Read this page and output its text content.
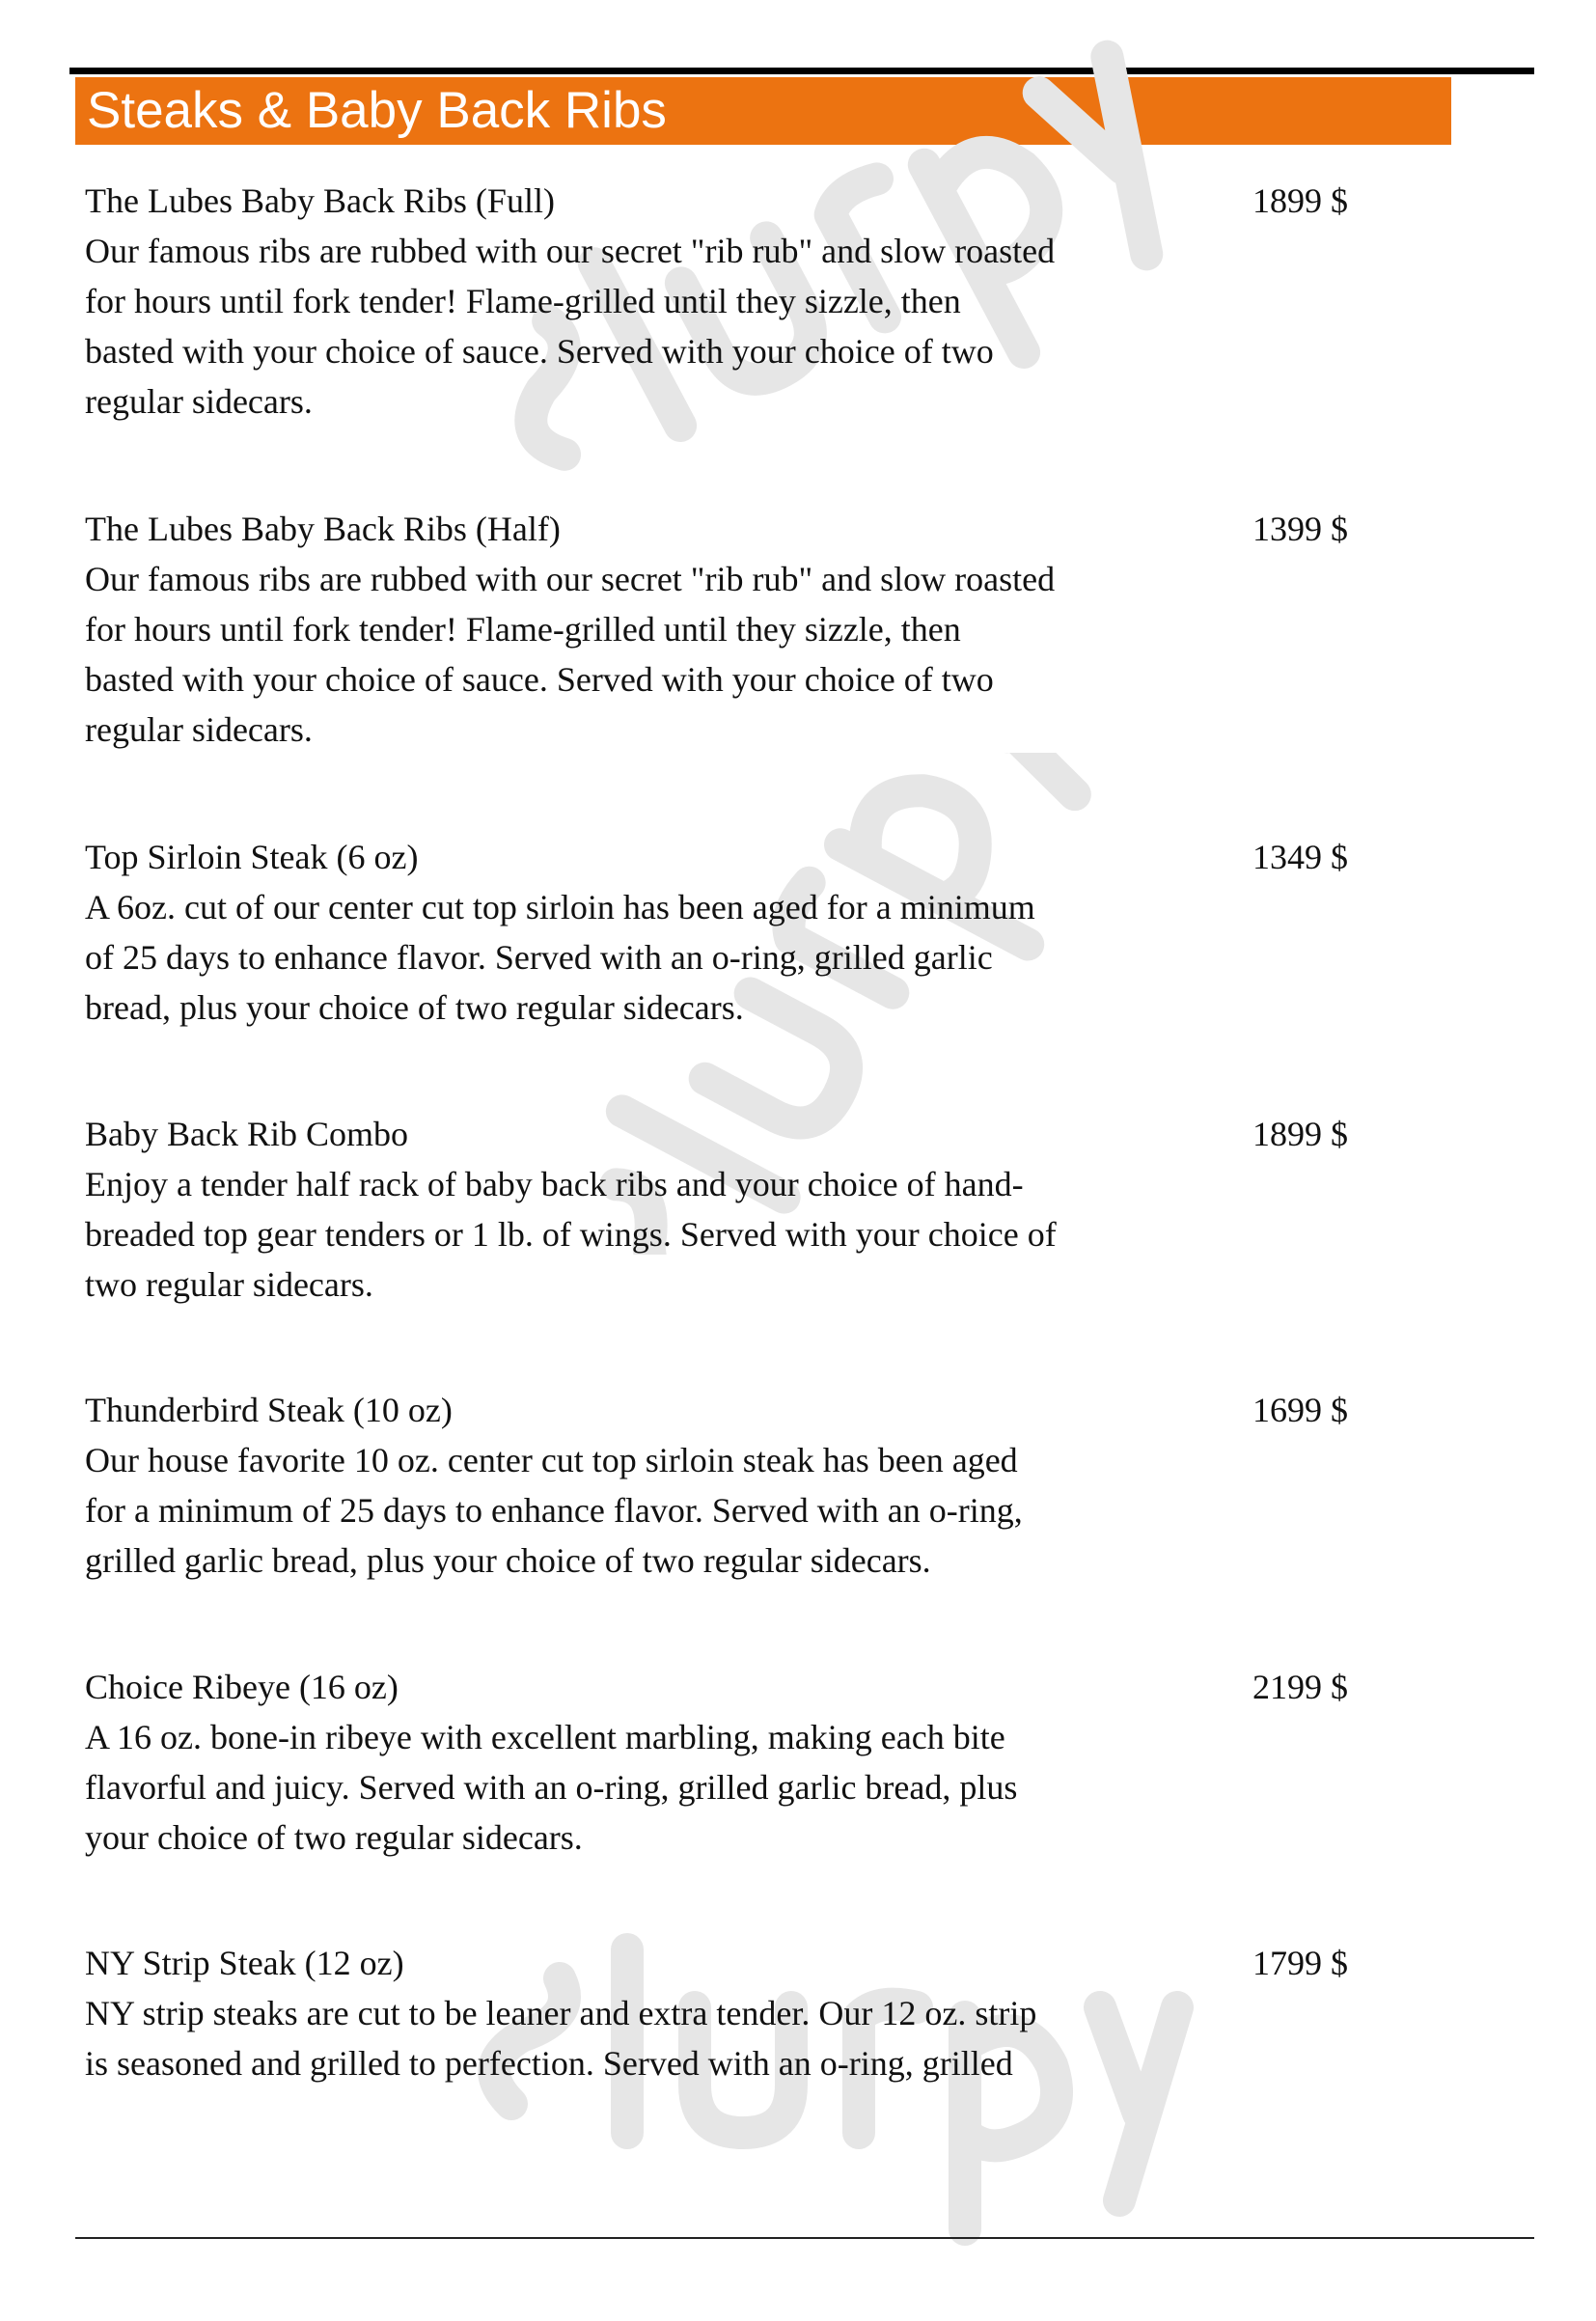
Steaks & Baby Back Ribs
The Lubes Baby Back Ribs (Full)	1899 $
Our famous ribs are rubbed with our secret "rib rub" and slow roasted
for hours until fork tender! Flame-grilled until they sizzle, then
basted with your choice of sauce. Served with your choice of two
regular sidecars.
The Lubes Baby Back Ribs (Half)	1399 $
Our famous ribs are rubbed with our secret "rib rub" and slow roasted
for hours until fork tender! Flame-grilled until they sizzle, then
basted with your choice of sauce. Served with your choice of two
regular sidecars.
Top Sirloin Steak (6 oz)	1349 $
A 6oz. cut of our center cut top sirloin has been aged for a minimum
of 25 days to enhance flavor. Served with an o-ring, grilled garlic
bread, plus your choice of two regular sidecars.
Baby Back Rib Combo	1899 $
Enjoy a tender half rack of baby back ribs and your choice of hand-
breaded top gear tenders or 1 lb. of wings. Served with your choice of
two regular sidecars.
Thunderbird Steak (10 oz)	1699 $
Our house favorite 10 oz. center cut top sirloin steak has been aged
for a minimum of 25 days to enhance flavor. Served with an o-ring,
grilled garlic bread, plus your choice of two regular sidecars.
Choice Ribeye (16 oz)	2199 $
A 16 oz. bone-in ribeye with excellent marbling, making each bite
flavorful and juicy. Served with an o-ring, grilled garlic bread, plus
your choice of two regular sidecars.
NY Strip Steak (12 oz)	1799 $
NY strip steaks are cut to be leaner and extra tender. Our 12 oz. strip
is seasoned and grilled to perfection. Served with an o-ring, grilled
